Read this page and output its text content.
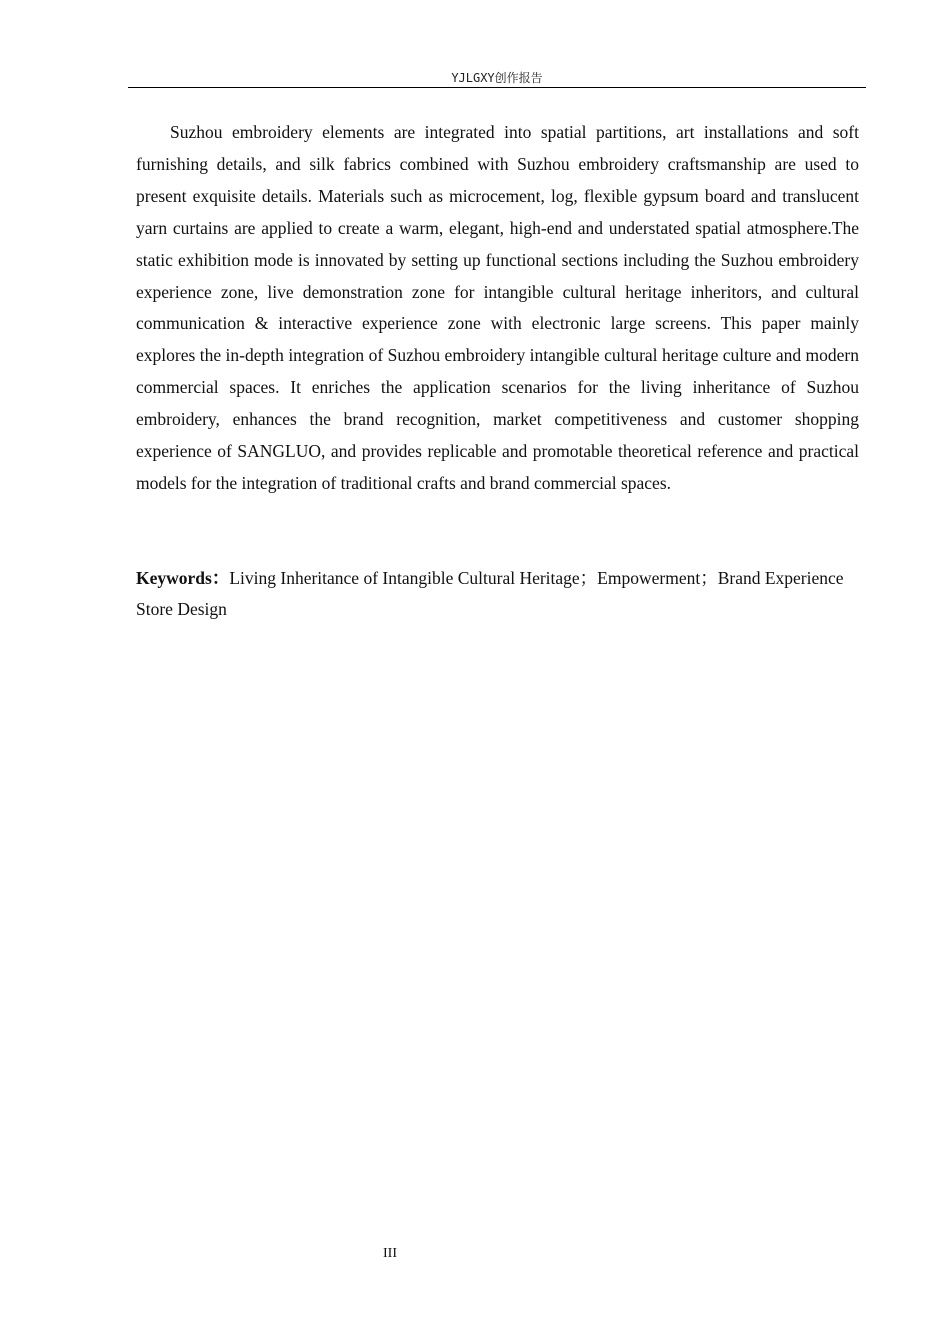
YJLGXY创作报告

Suzhou embroidery elements are integrated into spatial partitions, art installations and soft furnishing details, and silk fabrics combined with Suzhou embroidery craftsmanship are used to present exquisite details. Materials such as microcement, log, flexible gypsum board and translucent yarn curtains are applied to create a warm, elegant, high-end and understated spatial atmosphere.The static exhibition mode is innovated by setting up functional sections including the Suzhou embroidery experience zone, live demonstration zone for intangible cultural heritage inheritors, and cultural communication & interactive experience zone with electronic large screens. This paper mainly explores the in-depth integration of Suzhou embroidery intangible cultural heritage culture and modern commercial spaces. It enriches the application scenarios for the living inheritance of Suzhou embroidery, enhances the brand recognition, market competitiveness and customer shopping experience of SANGLUO, and provides replicable and promotable theoretical reference and practical models for the integration of traditional crafts and brand commercial spaces.

Keywords：Living Inheritance of Intangible Cultural Heritage；Empowerment；Brand Experience Store Design

III
